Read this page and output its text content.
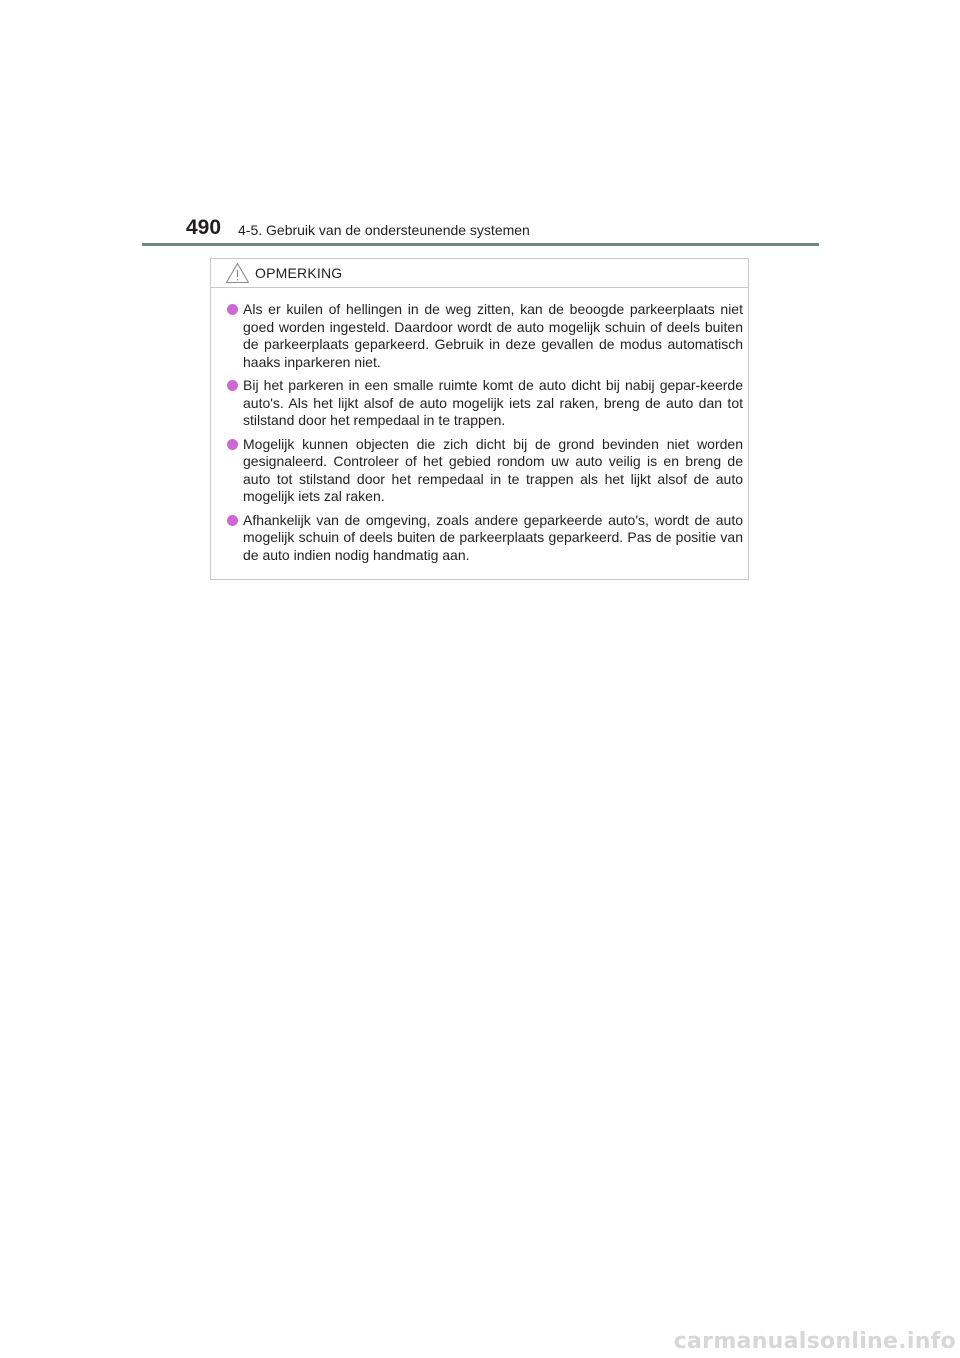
490 4-5. Gebruik van de ondersteunende systemen
OPMERKING
Als er kuilen of hellingen in de weg zitten, kan de beoogde parkeerplaats niet goed worden ingesteld. Daardoor wordt de auto mogelijk schuin of deels buiten de parkeerplaats geparkeerd. Gebruik in deze gevallen de modus automatisch haaks inparkeren niet.
Bij het parkeren in een smalle ruimte komt de auto dicht bij nabij gepar-keerde auto's. Als het lijkt alsof de auto mogelijk iets zal raken, breng de auto dan tot stilstand door het rempedaal in te trappen.
Mogelijk kunnen objecten die zich dicht bij de grond bevinden niet worden gesignaleerd. Controleer of het gebied rondom uw auto veilig is en breng de auto tot stilstand door het rempedaal in te trappen als het lijkt alsof de auto mogelijk iets zal raken.
Afhankelijk van de omgeving, zoals andere geparkeerde auto's, wordt de auto mogelijk schuin of deels buiten de parkeerplaats geparkeerd. Pas de positie van de auto indien nodig handmatig aan.
carmanualsonline.info
